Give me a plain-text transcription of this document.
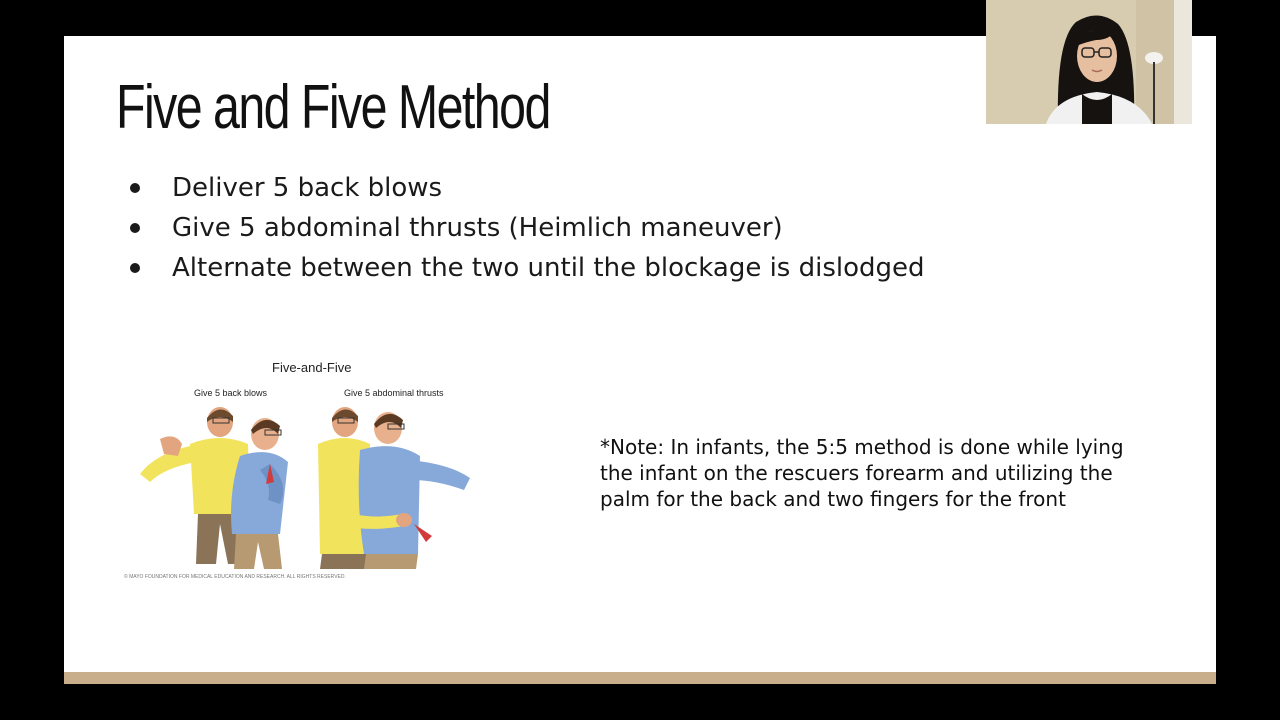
Five and Five Method
Deliver 5 back blows
Give 5 abdominal thrusts (Heimlich maneuver)
Alternate between the two until the blockage is dislodged
Five-and-Five
Give 5 back blows	Give 5 abdominal thrusts
© MAYO FOUNDATION FOR MEDICAL EDUCATION AND RESEARCH. ALL RIGHTS RESERVED.

*Note: In infants, the 5:5 method is done while lying the infant on the rescuers forearm and utilizing the palm for the back and two fingers for the front
